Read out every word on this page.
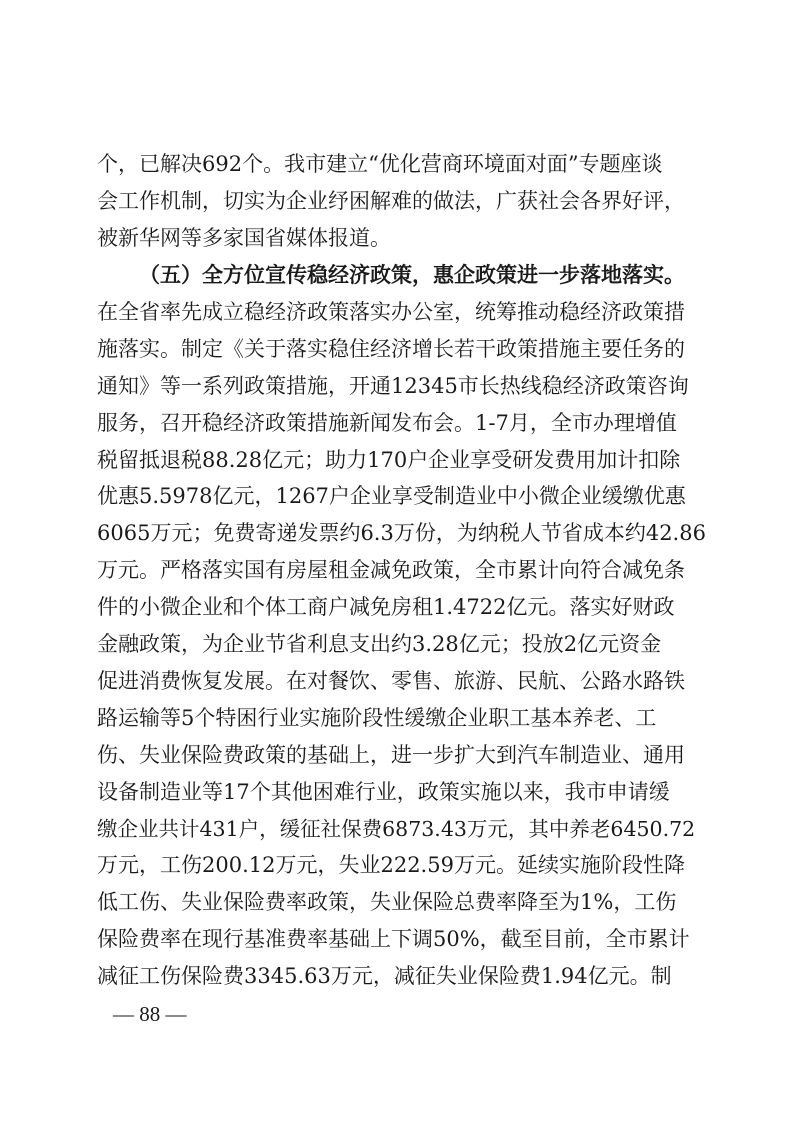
个，已解决692个。我市建立“优化营商环境面对面”专题座谈
会工作机制，切实为企业纾困解难的做法，广获社会各界好评，
被新华网等多家国省媒体报道。
（五）全方位宣传稳经济政策，惠企政策进一步落地落实。
在全省率先成立稳经济政策落实办公室，统筹推动稳经济政策措
施落实。制定《关于落实稳住经济增长若干政策措施主要任务的
通知》等一系列政策措施，开通12345市长热线稳经济政策咨询
服务，召开稳经济政策措施新闻发布会。1-7月，全市办理增值
税留抵退税88.28亿元；助力170户企业享受研发费用加计扣除
优惠5.5978亿元，1267户企业享受制造业中小微企业缓缴优惠
6065万元；免费寄递发票约6.3万份，为纳税人节省成本约42.86
万元。严格落实国有房屋租金减免政策，全市累计向符合减免条
件的小微企业和个体工商户减免房租1.4722亿元。落实好财政
金融政策，为企业节省利息支出约3.28亿元；投放2亿元资金
促进消费恢复发展。在对餐饮、零售、旅游、民航、公路水路铁
路运输等5个特困行业实施阶段性缓缴企业职工基本养老、工
伤、失业保险费政策的基础上，进一步扩大到汽车制造业、通用
设备制造业等17个其他困难行业，政策实施以来，我市申请缓
缴企业共计431户，缓征社保费6873.43万元，其中养老6450.72
万元，工伤200.12万元，失业222.59万元。延续实施阶段性降
低工伤、失业保险费率政策，失业保险总费率降至为1%，工伤
保险费率在现行基准费率基础上下调50%，截至目前，全市累计
减征工伤保险费3345.63万元，减征失业保险费1.94亿元。制
— 88 —
